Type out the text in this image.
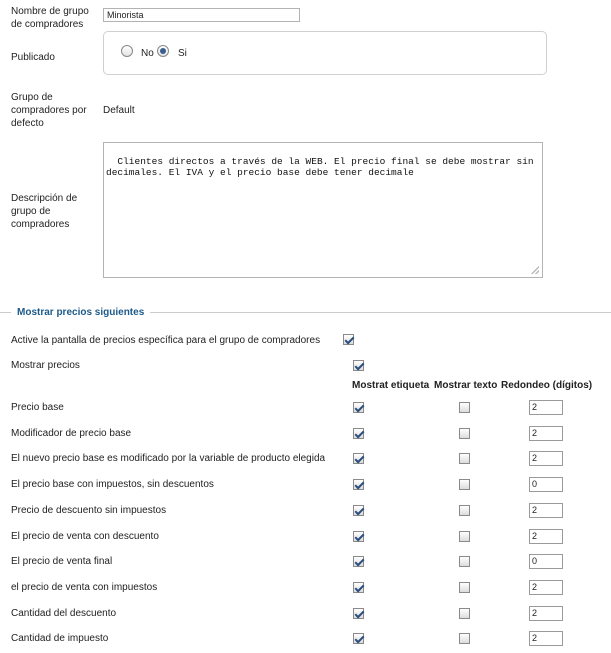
Nombre de grupo
de compradores
Minorista
Publicado	No Si
Grupo de
compradores por
defecto
Default
Descripción de
grupo de
compradores

Clientes directos a través de la WEB. El precio final se debe mostrar sin decimales. El IVA y el precio base debe tener decimale

Mostrar precios siguientes
Active la pantalla de precios específica para el grupo de compradores
Mostrar precios
Mostrat etiqueta Mostrar texto Redondeo (dígitos)
Precio base
2
Modificador de precio base
2
El nuevo precio base es modificado por la variable de producto elegida
2
El precio base con impuestos, sin descuentos
0
Precio de descuento sin impuestos
2
El precio de venta con descuento
2
El precio de venta final
0
el precio de venta con impuestos
2
Cantidad del descuento
2
Cantidad de impuesto
2
